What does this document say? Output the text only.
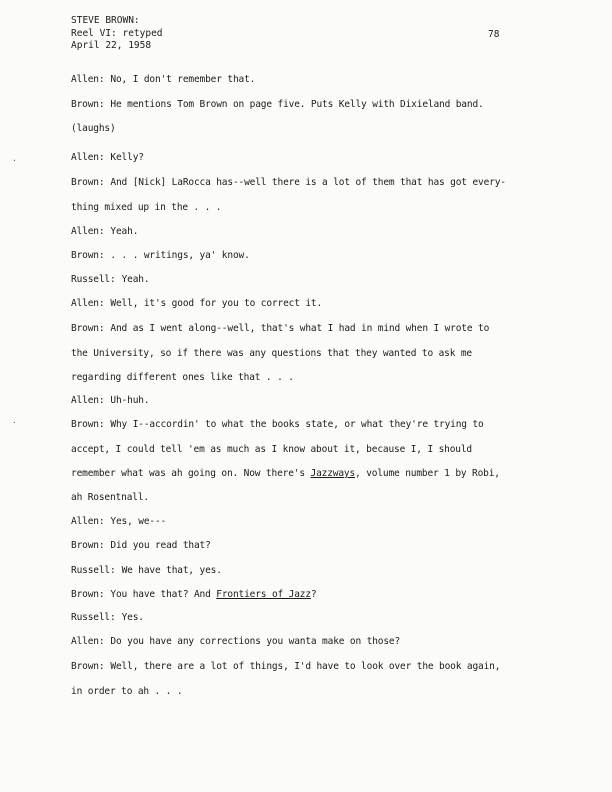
STEVE BROWN:
Reel VI: retyped
April 22, 1958
78
Allen: No, I don't remember that.
Brown: He mentions Tom Brown on page five. Puts Kelly with Dixieland band.
(laughs)
Allen: Kelly?
Brown: And [Nick] LaRocca has--well there is a lot of them that has got every-
thing mixed up in the . . .
Allen: Yeah.
Brown: . . . writings, ya' know.
Russell: Yeah.
Allen: Well, it's good for you to correct it.
Brown: And as I went along--well, that's what I had in mind when I wrote to
the University, so if there was any questions that they wanted to ask me
regarding different ones like that . . .
Allen: Uh-huh.
Brown: Why I--accordin' to what the books state, or what they're trying to
accept, I could tell 'em as much as I know about it, because I, I should
remember what was ah going on. Now there's Jazzways, volume number 1 by Robi,
ah Rosentnall.
Allen: Yes, we---
Brown: Did you read that?
Russell: We have that, yes.
Brown: You have that? And Frontiers of Jazz?
Russell: Yes.
Allen: Do you have any corrections you wanta make on those?
Brown: Well, there are a lot of things, I'd have to look over the book again,
in order to ah . . .
·
·
